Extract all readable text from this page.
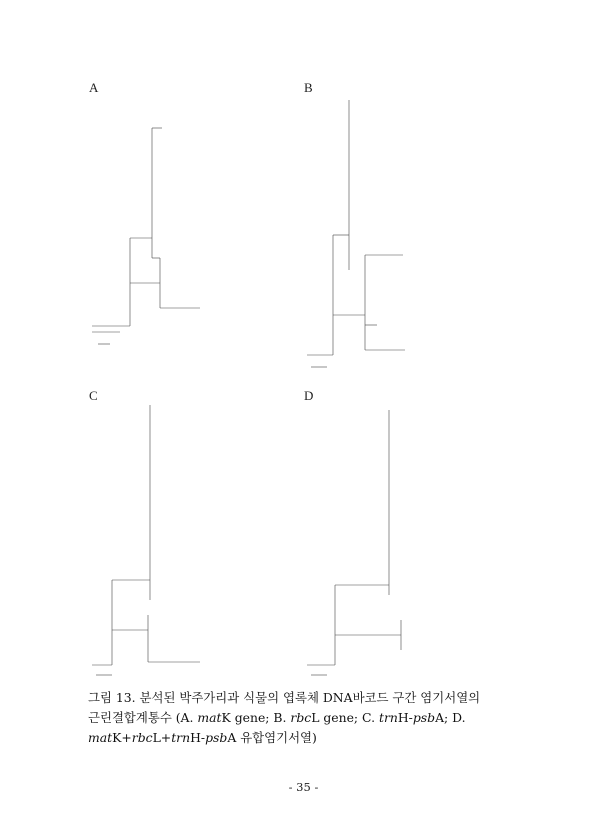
A	B
C	D
그림 13. 분석된 박주가리과 식물의 엽록체 DNA바코드 구간 염기서열의
근린결합계통수 (A. matK gene; B. rbcL gene; C. trnH-psbA; D.
matK+rbcL+trnH-psbA 유합염기서열)
- 35 -
